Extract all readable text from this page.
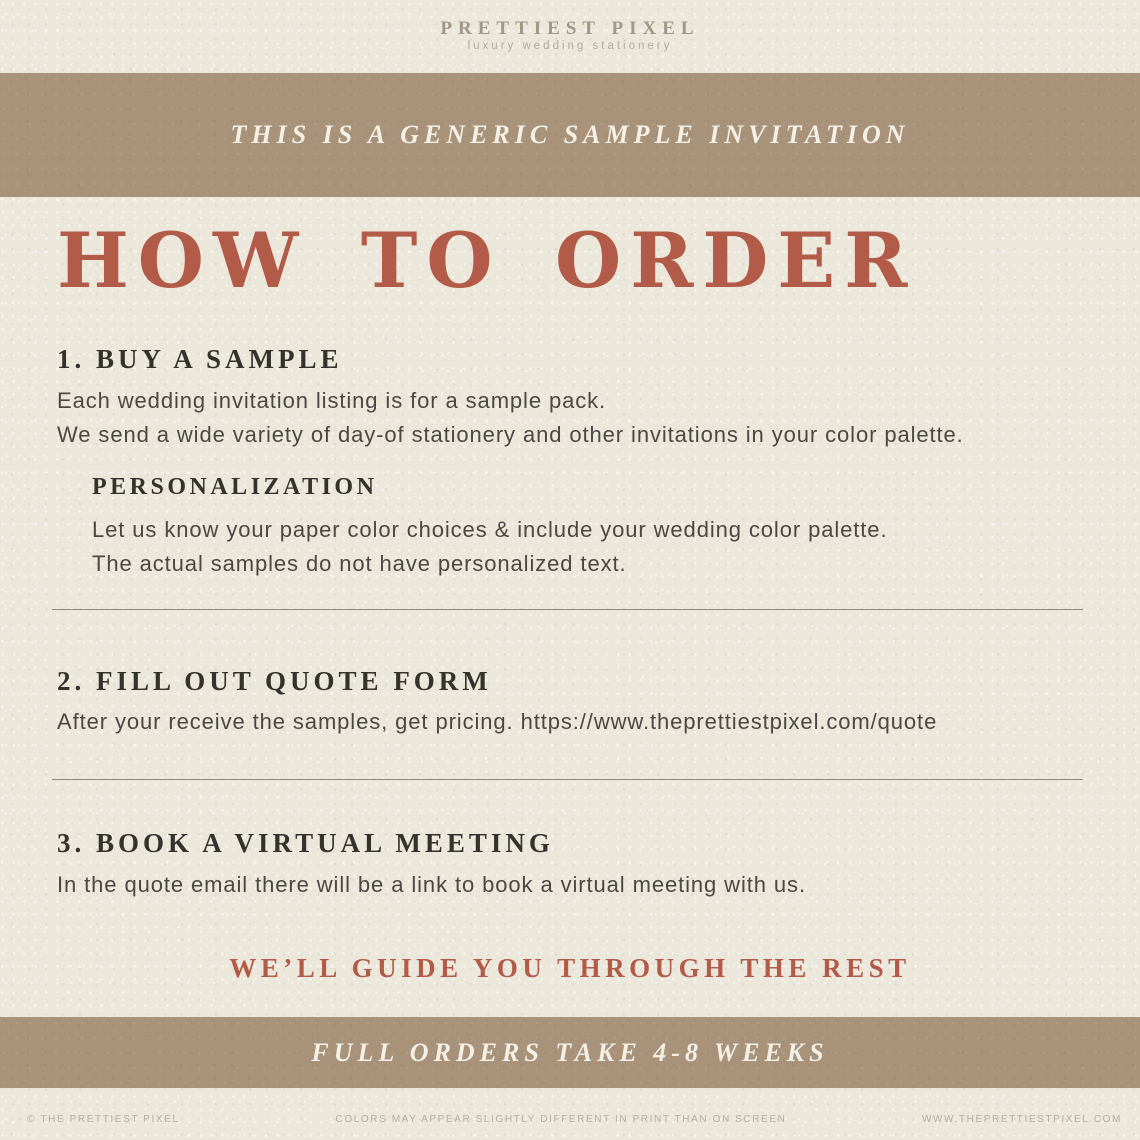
PRETTIEST PIXEL
luxury wedding stationery
THIS IS A GENERIC SAMPLE INVITATION
HOW TO ORDER
1. BUY A SAMPLE
Each wedding invitation listing is for a sample pack.
We send a wide variety of day-of stationery and other invitations in your color palette.
PERSONALIZATION
Let us know your paper color choices & include your wedding color palette.
The actual samples do not have personalized text.
2. FILL OUT QUOTE FORM
After your receive the samples, get pricing. https://www.theprettiestpixel.com/quote
3. BOOK A VIRTUAL MEETING
In the quote email there will be a link to book a virtual meeting with us.
WE’LL GUIDE YOU THROUGH THE REST
FULL ORDERS TAKE 4-8 WEEKS
- © THE PRETTIEST PIXEL	COLORS MAY APPEAR SLIGHTLY DIFFERENT IN PRINT THAN ON SCREEN	WWW.THEPRETTIESTPIXEL.COM
